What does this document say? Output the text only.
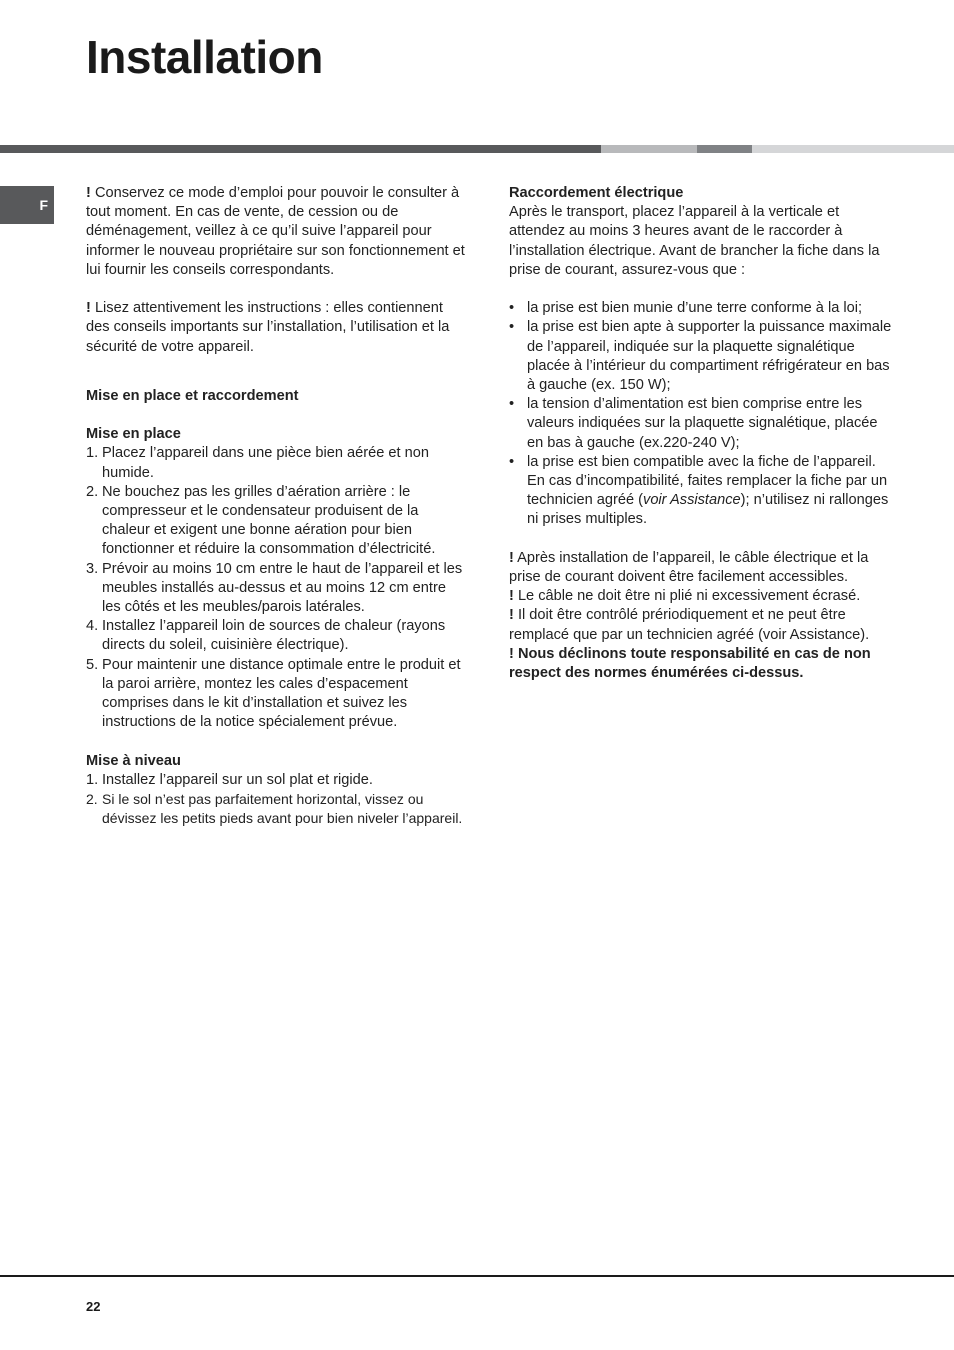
Installation
F

! Conservez ce mode d’emploi pour pouvoir le consulter à tout moment. En cas de vente, de cession ou de déménagement, veillez à ce qu’il suive l’appareil pour informer le nouveau propriétaire sur son fonctionnement et lui fournir les conseils correspondants.

! Lisez attentivement les instructions : elles contiennent des conseils importants sur l’installation, l’utilisation et la sécurité de votre appareil.

Mise en place et raccordement

Mise en place

1. Placez l’appareil dans une pièce bien aérée et non humide.
2. Ne bouchez pas les grilles d’aération arrière : le compresseur et le condensateur produisent de la chaleur et exigent une bonne aération pour bien fonctionner et réduire la consommation d’électricité.
3. Prévoir au moins 10 cm entre le haut de l’appareil et les meubles installés au-dessus et au moins 12 cm entre les côtés et les meubles/parois latérales.
4. Installez l’appareil loin de sources de chaleur (rayons directs du soleil, cuisinière électrique).
5. Pour maintenir une distance optimale entre le produit et la paroi arrière, montez les cales d’espacement comprises dans le kit d’installation et suivez les instructions de la notice spécialement prévue.

Mise à niveau

1. Installez l’appareil sur un sol plat et rigide.
2. Si le sol n’est pas parfaitement horizontal, vissez ou dévissez les petits pieds avant pour bien niveler l’appareil.

Raccordement électrique

Après le transport, placez l’appareil à la verticale et attendez au moins 3 heures avant de le raccorder à l’installation électrique. Avant de brancher la fiche dans la prise de courant, assurez-vous que :

• la prise est bien munie d’une terre conforme à la loi;
• la prise est bien apte à supporter la puissance maximale de l’appareil, indiquée sur la plaquette signalétique placée à l’intérieur du compartiment réfrigérateur en bas à gauche (ex. 150 W);
• la tension d’alimentation est bien comprise entre les valeurs indiquées sur la plaquette signalétique, placée en bas à gauche (ex.220-240 V);
• la prise est bien compatible avec la fiche de l’appareil.
En cas d’incompatibilité, faites remplacer la fiche par un technicien agréé (voir Assistance); n’utilisez ni rallonges ni prises multiples.

! Après installation de l’appareil, le câble électrique et la prise de courant doivent être facilement accessibles.

! Le câble ne doit être ni plié ni excessivement écrasé.

! Il doit être contrôlé prériodiquement et ne peut être remplacé que par un technicien agréé (voir Assistance).

! Nous déclinons toute responsabilité en cas de non respect des normes énumérées ci-dessus.

22
